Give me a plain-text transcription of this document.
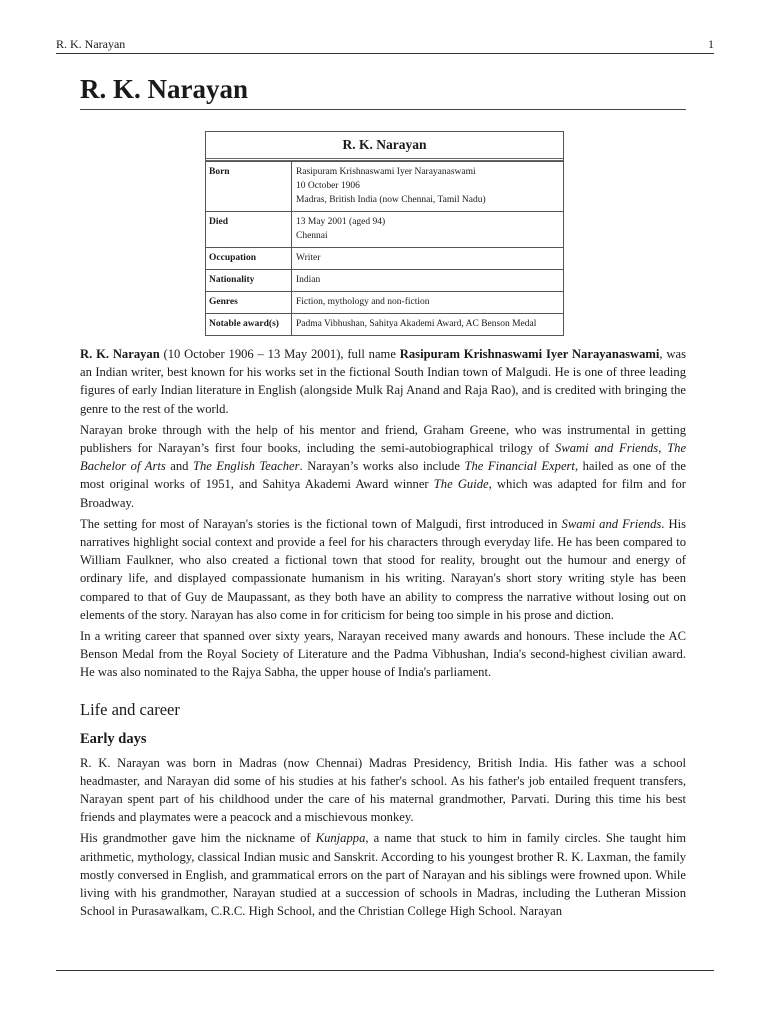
R. K. Narayan	1
R. K. Narayan
R. K. Narayan
Born	Rasipuram Krishnaswami Iyer Narayanaswami
10 October 1906
Madras, British India (now Chennai, Tamil Nadu)
Died	13 May 2001 (aged 94)
Chennai
Occupation	Writer
Nationality	Indian
Genres	Fiction, mythology and non-fiction
Notable award(s)	Padma Vibhushan, Sahitya Akademi Award, AC Benson Medal

R. K. Narayan (10 October 1906 – 13 May 2001), full name Rasipuram Krishnaswami Iyer Narayanaswami, was an Indian writer, best known for his works set in the fictional South Indian town of Malgudi. He is one of three leading figures of early Indian literature in English (alongside Mulk Raj Anand and Raja Rao), and is credited with bringing the genre to the rest of the world.

Narayan broke through with the help of his mentor and friend, Graham Greene, who was instrumental in getting publishers for Narayan’s first four books, including the semi-autobiographical trilogy of Swami and Friends, The Bachelor of Arts and The English Teacher. Narayan’s works also include The Financial Expert, hailed as one of the most original works of 1951, and Sahitya Akademi Award winner The Guide, which was adapted for film and for Broadway.

The setting for most of Narayan's stories is the fictional town of Malgudi, first introduced in Swami and Friends. His narratives highlight social context and provide a feel for his characters through everyday life. He has been compared to William Faulkner, who also created a fictional town that stood for reality, brought out the humour and energy of ordinary life, and displayed compassionate humanism in his writing. Narayan's short story writing style has been compared to that of Guy de Maupassant, as they both have an ability to compress the narrative without losing out on elements of the story. Narayan has also come in for criticism for being too simple in his prose and diction.

In a writing career that spanned over sixty years, Narayan received many awards and honours. These include the AC Benson Medal from the Royal Society of Literature and the Padma Vibhushan, India's second-highest civilian award. He was also nominated to the Rajya Sabha, the upper house of India's parliament.

Life and career
Early days

R. K. Narayan was born in Madras (now Chennai) Madras Presidency, British India. His father was a school headmaster, and Narayan did some of his studies at his father's school. As his father's job entailed frequent transfers, Narayan spent part of his childhood under the care of his maternal grandmother, Parvati. During this time his best friends and playmates were a peacock and a mischievous monkey.

His grandmother gave him the nickname of Kunjappa, a name that stuck to him in family circles. She taught him arithmetic, mythology, classical Indian music and Sanskrit. According to his youngest brother R. K. Laxman, the family mostly conversed in English, and grammatical errors on the part of Narayan and his siblings were frowned upon. While living with his grandmother, Narayan studied at a succession of schools in Madras, including the Lutheran Mission School in Purasawalkam, C.R.C. High School, and the Christian College High School. Narayan
